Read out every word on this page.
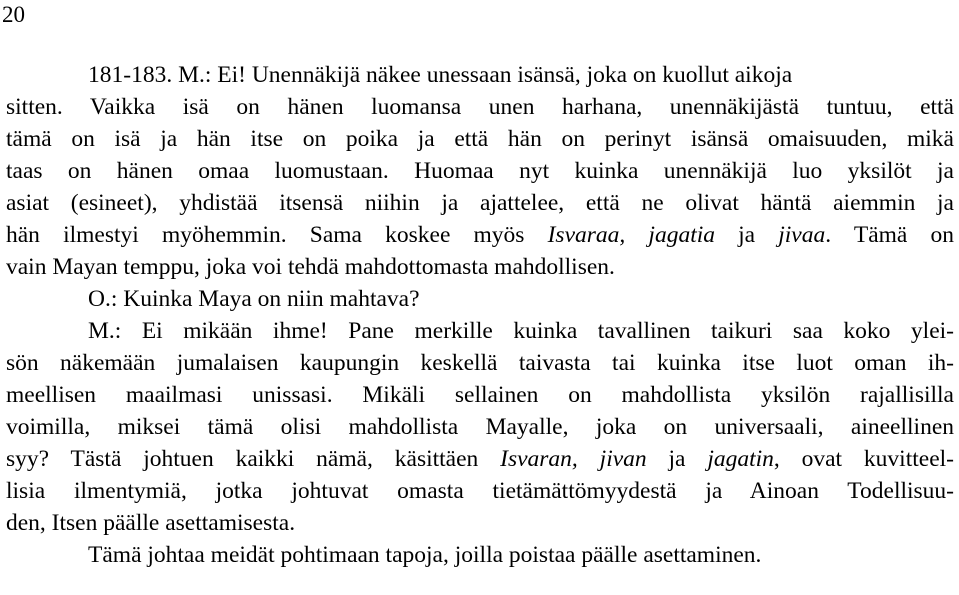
20
181-183. M.: Ei! Unennäkijä näkee unessaan isänsä, joka on kuollut aikoja
sitten. Vaikka isä on hänen luomansa unen harhana, unennäkijästä tuntuu, että
tämä on isä ja hän itse on poika ja että hän on perinyt isänsä omaisuuden, mikä
taas on hänen omaa luomustaan. Huomaa nyt kuinka unennäkijä luo yksilöt ja
asiat (esineet), yhdistää itsensä niihin ja ajattelee, että ne olivat häntä aiemmin ja
hän ilmestyi myöhemmin. Sama koskee myös Isvaraa, jagatia ja jivaa. Tämä on
vain Mayan temppu, joka voi tehdä mahdottomasta mahdollisen.
O.: Kuinka Maya on niin mahtava?
M.: Ei mikään ihme! Pane merkille kuinka tavallinen taikuri saa koko ylei-
sön näkemään jumalaisen kaupungin keskellä taivasta tai kuinka itse luot oman ih-
meellisen maailmasi unissasi. Mikäli sellainen on mahdollista yksilön rajallisilla
voimilla, miksei tämä olisi mahdollista Mayalle, joka on universaali, aineellinen
syy? Tästä johtuen kaikki nämä, käsittäen Isvaran, jivan ja jagatin, ovat kuvitteel-
lisia ilmentymiä, jotka johtuvat omasta tietämättömyydestä ja Ainoan Todellisuu-
den, Itsen päälle asettamisesta.
Tämä johtaa meidät pohtimaan tapoja, joilla poistaa päälle asettaminen.
